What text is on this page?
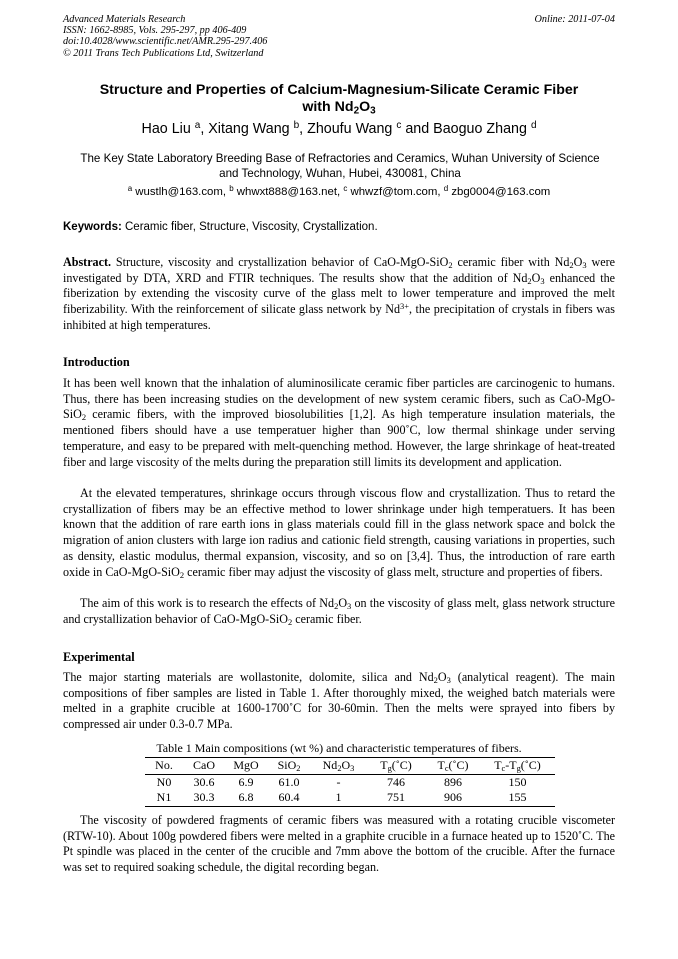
Advanced Materials Research
ISSN: 1662-8985, Vols. 295-297, pp 406-409
doi:10.4028/www.scientific.net/AMR.295-297.406
© 2011 Trans Tech Publications Ltd, Switzerland
Online: 2011-07-04
Structure and Properties of Calcium-Magnesium-Silicate Ceramic Fiber
with $Nd_2O_3$
Hao Liu $^a$, Xitang Wang $^b$, Zhoufu Wang $^c$ and Baoguo Zhang $^d$
The Key State Laboratory Breeding Base of Refractories and Ceramics, Wuhan University of Science and Technology, Wuhan, Hubei, 430081, China
$^a$ wustlh@163.com, $^b$ whwxt888@163.net, $^c$ whwzf@tom.com, $^d$ zbg0004@163.com
Keywords: Ceramic fiber, Structure, Viscosity, Crystallization.
Abstract. Structure, viscosity and crystallization behavior of CaO-MgO-SiO$_2$ ceramic fiber with $Nd_2O_3$ were investigated by DTA, XRD and FTIR techniques. The results show that the addition of $Nd_2O_3$ enhanced the fiberization by extending the viscosity curve of the glass melt to lower temperature and improved the melt fiberizability. With the reinforcement of silicate glass network by $Nd^{3+}$, the precipitation of crystals in fibers was inhibited at high temperatures.
Introduction
It has been well known that the inhalation of aluminosilicate ceramic fiber particles are carcinogenic to humans. Thus, there has been increasing studies on the development of new system ceramic fibers, such as CaO-MgO-SiO$_2$ ceramic fibers, with the improved biosolubilities [1,2]. As high temperature insulation materials, the mentioned fibers should have a use temperatuer higher than 900˚C, low thermal shinkage under serving temperature, and easy to be prepared with melt-quenching method. However, the large shrinkage of heat-treated fiber and large viscosity of the melts during the preparation still limits its development and application.
At the elevated temperatures, shrinkage occurs through viscous flow and crystallization. Thus to retard the crystallization of fibers may be an effective method to lower shrinkage under high temperatuers. It has been known that the addition of rare earth ions in glass materials could fill in the glass network space and bolck the migration of anion clusters with large ion radius and cationic field strength, causing variations in properties, such as density, elastic modulus, thermal expansion, viscosity, and so on [3,4]. Thus, the introduction of rare earth oxide in CaO-MgO-SiO$_2$ ceramic fiber may adjust the viscosity of glass melt, structure and properties of fibers.
The aim of this work is to research the effects of $Nd_2O_3$ on the viscosity of glass melt, glass network structure and crystallization behavior of CaO-MgO-SiO$_2$ ceramic fiber.
Experimental
The major starting materials are wollastonite, dolomite, silica and $Nd_2O_3$ (analytical reagent). The main compositions of fiber samples are listed in Table 1. After thoroughly mixed, the weighed batch materials were melted in a graphite crucible at 1600-1700˚C for 30-60min. Then the melts were sprayed into fibers by compressed air under 0.3-0.7 MPa.
Table 1 Main compositions (wt %) and characteristic temperatures of fibers.
No.	CaO	MgO	SiO$_2$	$Nd_2O_3$	$T_g(˚C)$	$T_c(˚C)$	$T_c-T_g(˚C)$
N0	30.6	6.9	61.0	-	746	896	150
N1	30.3	6.8	60.4	1	751	906	155
The viscosity of powdered fragments of ceramic fibers was measured with a rotating crucible viscometer (RTW-10). About 100g powdered fibers were melted in a graphite crucible in a furnace heated up to 1520˚C. The Pt spindle was placed in the center of the crucible and 7mm above the bottom of the crucible. After the furnace was set to required soaking schedule, the digital recording began.
